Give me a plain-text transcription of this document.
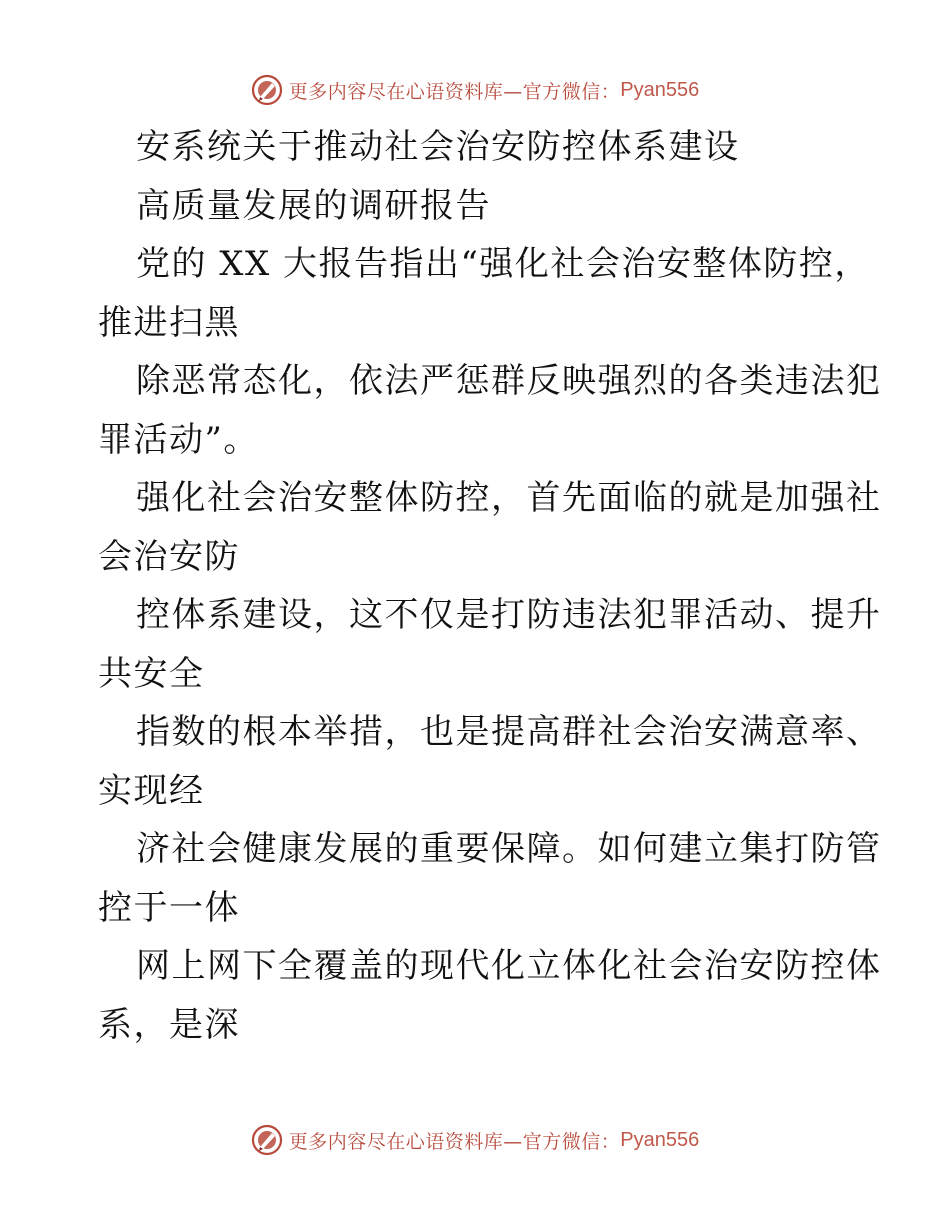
更多内容尽在心语资料库—官方微信： Pyan556
安系统关于推动社会治安防控体系建设
高质量发展的调研报告
党的 XX 大报告指出“强化社会治安整体防控，
推进扫黑
除恶常态化，依法严惩群反映强烈的各类违法犯
罪活动”。
强化社会治安整体防控，首先面临的就是加强社
会治安防
控体系建设，这不仅是打防违法犯罪活动、提升
共安全
指数的根本举措，也是提高群社会治安满意率、
实现经
济社会健康发展的重要保障。如何建立集打防管
控于一体
网上网下全覆盖的现代化立体化社会治安防控体
系，是深
更多内容尽在心语资料库—官方微信： Pyan556
